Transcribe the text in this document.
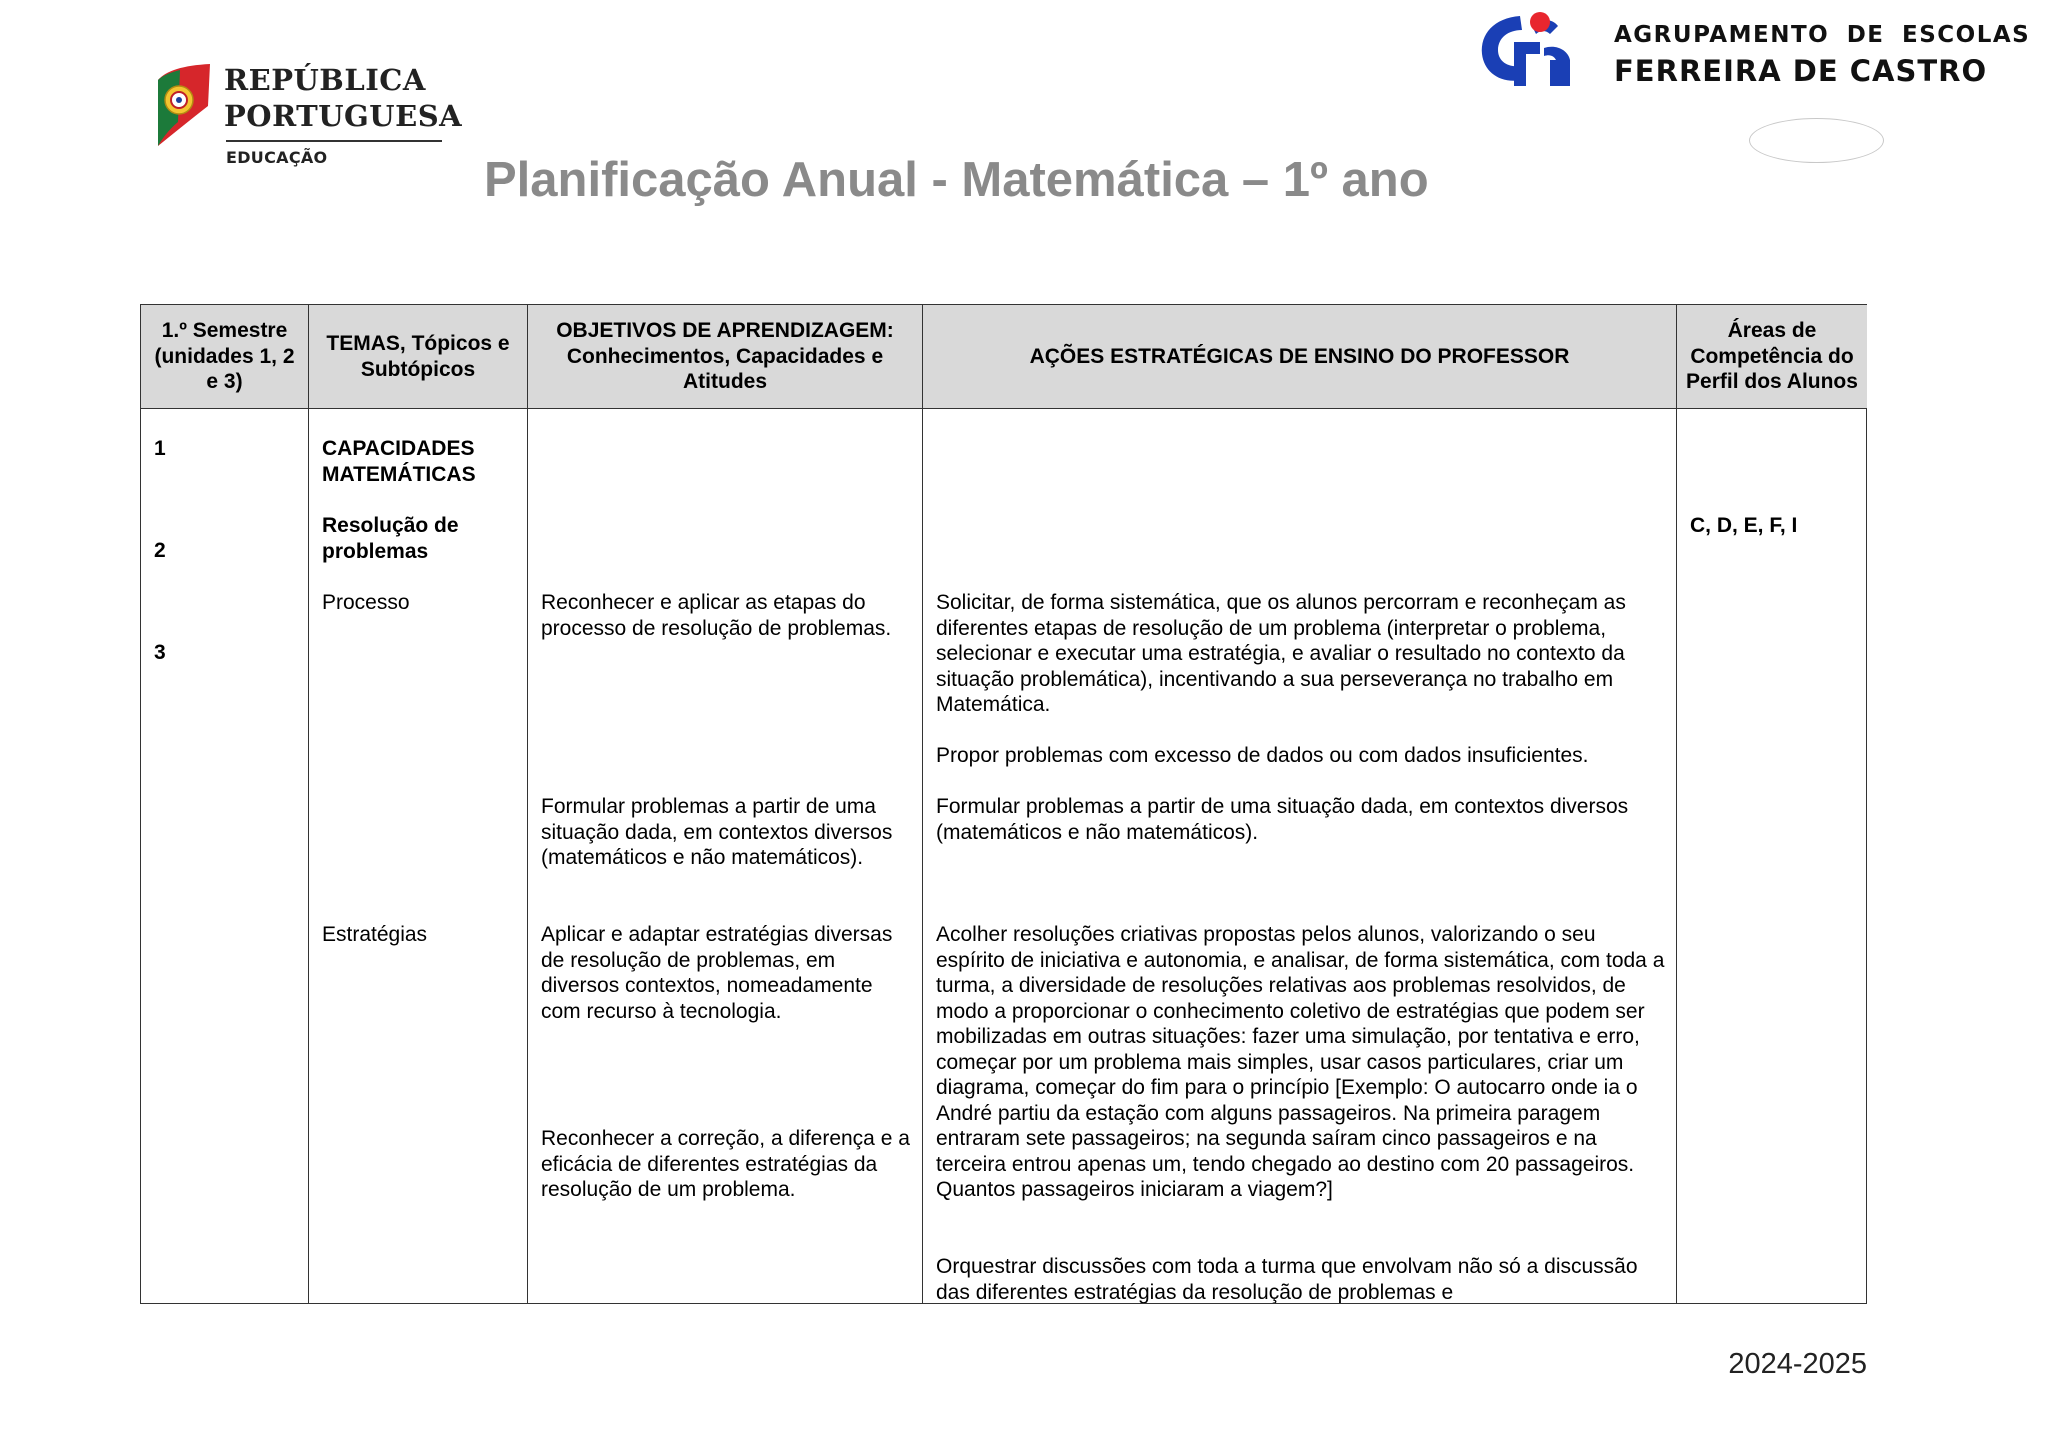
REPÚBLICA
PORTUGUESA
EDUCAÇÃO
AGRUPAMENTO DE ESCOLAS
FERREIRA DE CASTRO
Planificação Anual - Matemática – 1º ano
1.º Semestre (unidades 1, 2 e 3)
1
2
3
TEMAS, Tópicos e Subtópicos
CAPACIDADES MATEMÁTICAS
Resolução de problemas
Processo
Estratégias
OBJETIVOS DE APRENDIZAGEM: Conhecimentos, Capacidades e Atitudes
Reconhecer e aplicar as etapas do processo de resolução de problemas.
Formular problemas a partir de uma situação dada, em contextos diversos (matemáticos e não matemáticos).
Aplicar e adaptar estratégias diversas de resolução de problemas, em diversos contextos, nomeadamente com recurso à tecnologia.
Reconhecer a correção, a diferença e a eficácia de diferentes estratégias da resolução de um problema.
AÇÕES ESTRATÉGICAS DE ENSINO DO PROFESSOR
Solicitar, de forma sistemática, que os alunos percorram e reconheçam as diferentes etapas de resolução de um problema (interpretar o problema, selecionar e executar uma estratégia, e avaliar o resultado no contexto da situação problemática), incentivando a sua perseverança no trabalho em Matemática.
Propor problemas com excesso de dados ou com dados insuficientes.
Formular problemas a partir de uma situação dada, em contextos diversos (matemáticos e não matemáticos).
Acolher resoluções criativas propostas pelos alunos, valorizando o seu espírito de iniciativa e autonomia, e analisar, de forma sistemática, com toda a turma, a diversidade de resoluções relativas aos problemas resolvidos, de modo a proporcionar o conhecimento coletivo de estratégias que podem ser mobilizadas em outras situações: fazer uma simulação, por tentativa e erro, começar por um problema mais simples, usar casos particulares, criar um diagrama, começar do fim para o princípio [Exemplo: O autocarro onde ia o André partiu da estação com alguns passageiros. Na primeira paragem entraram sete passageiros; na segunda saíram cinco passageiros e na terceira entrou apenas um, tendo chegado ao destino com 20 passageiros. Quantos passageiros iniciaram a viagem?]
Orquestrar discussões com toda a turma que envolvam não só a discussão das diferentes estratégias da resolução de problemas e
Áreas de Competência do Perfil dos Alunos
C, D, E, F, I
2024-2025
